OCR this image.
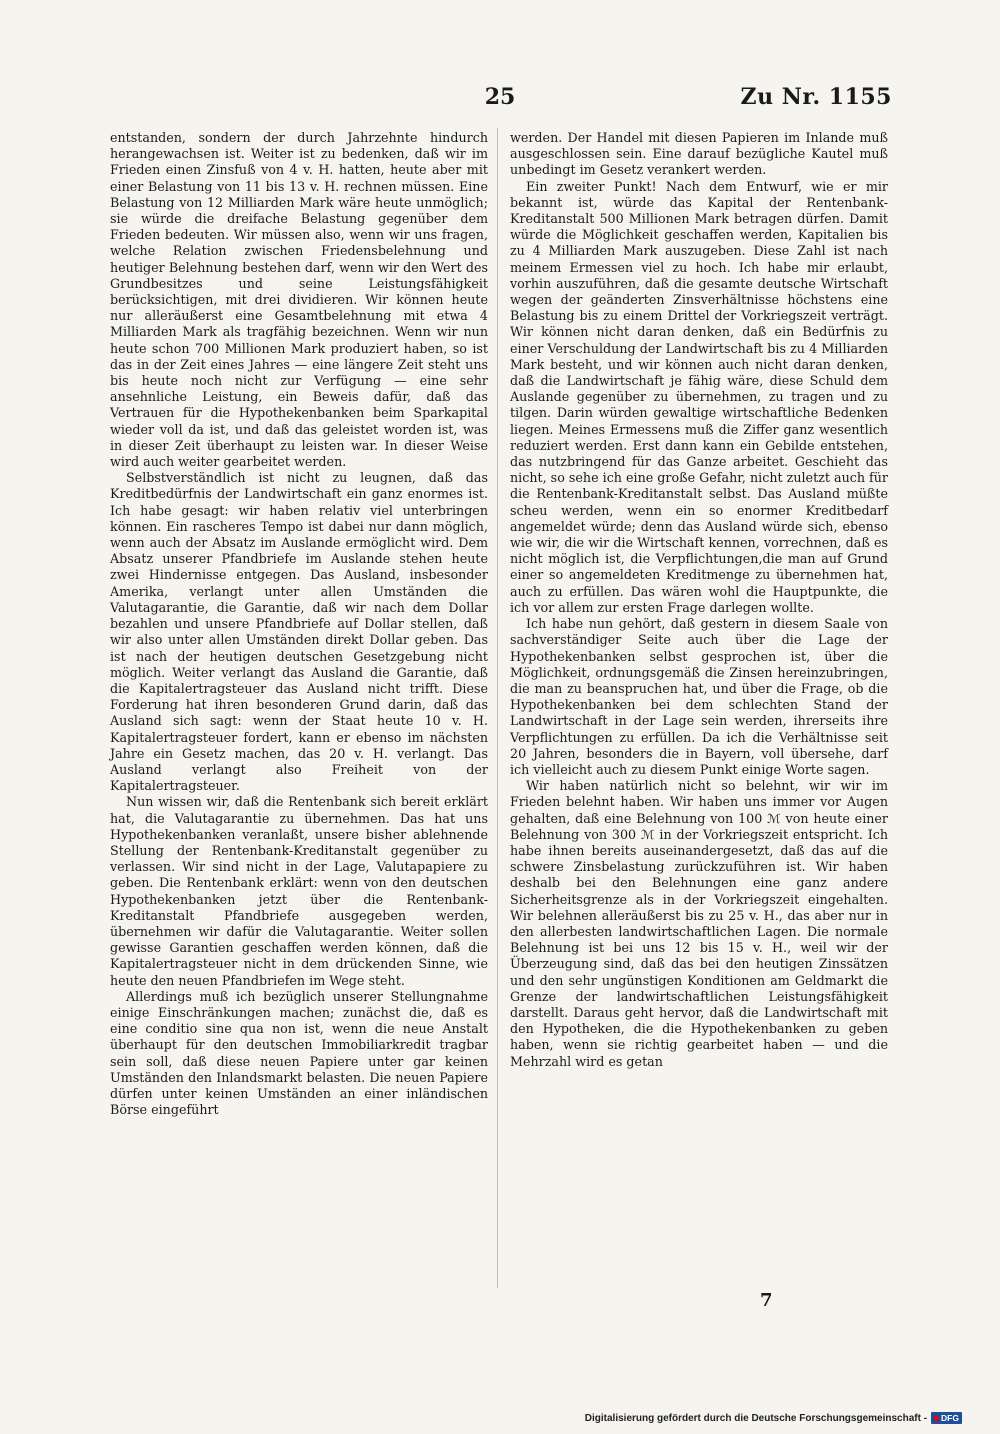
25	Zu Nr. 1155

entstanden, sondern der durch Jahrzehnte hindurch herangewachsen ist. Weiter ist zu bedenken, daß wir im Frieden einen Zinsfuß von 4 v. H. hatten, heute aber mit einer Belastung von 11 bis 13 v. H. rechnen müssen. Eine Belastung von 12 Milliarden Mark wäre heute unmöglich; sie würde die dreifache Belastung gegenüber dem Frieden bedeuten. Wir müssen also, wenn wir uns fragen, welche Relation zwischen Friedensbelehnung und heutiger Belehnung bestehen darf, wenn wir den Wert des Grundbesitzes und seine Leistungsfähigkeit berücksichtigen, mit drei dividieren. Wir können heute nur alleräußerst eine Gesamtbelehnung mit etwa 4 Milliarden Mark als tragfähig bezeichnen. Wenn wir nun heute schon 700 Millionen Mark produziert haben, so ist das in der Zeit eines Jahres — eine längere Zeit steht uns bis heute noch nicht zur Verfügung — eine sehr ansehnliche Leistung, ein Beweis dafür, daß das Vertrauen für die Hypothekenbanken beim Sparkapital wieder voll da ist, und daß das geleistet worden ist, was in dieser Zeit überhaupt zu leisten war. In dieser Weise wird auch weiter gearbeitet werden.

Selbstverständlich ist nicht zu leugnen, daß das Kreditbedürfnis der Landwirtschaft ein ganz enormes ist. Ich habe gesagt: wir haben relativ viel unterbringen können. Ein rascheres Tempo ist dabei nur dann möglich, wenn auch der Absatz im Auslande ermöglicht wird. Dem Absatz unserer Pfandbriefe im Auslande stehen heute zwei Hindernisse entgegen. Das Ausland, insbesonder Amerika, verlangt unter allen Umständen die Valutagarantie, die Garantie, daß wir nach dem Dollar bezahlen und unsere Pfandbriefe auf Dollar stellen, daß wir also unter allen Umständen direkt Dollar geben. Das ist nach der heutigen deutschen Gesetzgebung nicht möglich. Weiter verlangt das Ausland die Garantie, daß die Kapitalertragsteuer das Ausland nicht trifft. Diese Forderung hat ihren besonderen Grund darin, daß das Ausland sich sagt: wenn der Staat heute 10 v. H. Kapitalertragsteuer fordert, kann er ebenso im nächsten Jahre ein Gesetz machen, das 20 v. H. verlangt. Das Ausland verlangt also Freiheit von der Kapitalertragsteuer.

Nun wissen wir, daß die Rentenbank sich bereit erklärt hat, die Valutagarantie zu übernehmen. Das hat uns Hypothekenbanken veranlaßt, unsere bisher ablehnende Stellung der Rentenbank-Kreditanstalt gegenüber zu verlassen. Wir sind nicht in der Lage, Valutapapiere zu geben. Die Rentenbank erklärt: wenn von den deutschen Hypothekenbanken jetzt über die Rentenbank-Kreditanstalt Pfandbriefe ausgegeben werden, übernehmen wir dafür die Valutagarantie. Weiter sollen gewisse Garantien geschaffen werden können, daß die Kapitalertragsteuer nicht in dem drückenden Sinne, wie heute den neuen Pfandbriefen im Wege steht.

Allerdings muß ich bezüglich unserer Stellungnahme einige Einschränkungen machen; zunächst die, daß es eine conditio sine qua non ist, wenn die neue Anstalt überhaupt für den deutschen Immobiliarkredit tragbar sein soll, daß diese neuen Papiere unter gar keinen Umständen den Inlandsmarkt belasten. Die neuen Papiere dürfen unter keinen Umständen an einer inländischen Börse eingeführt

werden. Der Handel mit diesen Papieren im Inlande muß ausgeschlossen sein. Eine darauf bezügliche Kautel muß unbedingt im Gesetz verankert werden.

Ein zweiter Punkt! Nach dem Entwurf, wie er mir bekannt ist, würde das Kapital der Rentenbank-Kreditanstalt 500 Millionen Mark betragen dürfen. Damit würde die Möglichkeit geschaffen werden, Kapitalien bis zu 4 Milliarden Mark auszugeben. Diese Zahl ist nach meinem Ermessen viel zu hoch. Ich habe mir erlaubt, vorhin auszuführen, daß die gesamte deutsche Wirtschaft wegen der geänderten Zinsverhältnisse höchstens eine Belastung bis zu einem Drittel der Vorkriegszeit verträgt. Wir können nicht daran denken, daß ein Bedürfnis zu einer Verschuldung der Landwirtschaft bis zu 4 Milliarden Mark besteht, und wir können auch nicht daran denken, daß die Landwirtschaft je fähig wäre, diese Schuld dem Auslande gegenüber zu übernehmen, zu tragen und zu tilgen. Darin würden gewaltige wirtschaftliche Bedenken liegen. Meines Ermessens muß die Ziffer ganz wesentlich reduziert werden. Erst dann kann ein Gebilde entstehen, das nutzbringend für das Ganze arbeitet. Geschieht das nicht, so sehe ich eine große Gefahr, nicht zuletzt auch für die Rentenbank-Kreditanstalt selbst. Das Ausland müßte scheu werden, wenn ein so enormer Kreditbedarf angemeldet würde; denn das Ausland würde sich, ebenso wie wir, die wir die Wirtschaft kennen, vorrechnen, daß es nicht möglich ist, die Verpflichtungen,die man auf Grund einer so angemeldeten Kreditmenge zu übernehmen hat, auch zu erfüllen. Das wären wohl die Hauptpunkte, die ich vor allem zur ersten Frage darlegen wollte.

Ich habe nun gehört, daß gestern in diesem Saale von sachverständiger Seite auch über die Lage der Hypothekenbanken selbst gesprochen ist, über die Möglichkeit, ordnungsgemäß die Zinsen hereinzubringen, die man zu beanspruchen hat, und über die Frage, ob die Hypothekenbanken bei dem schlechten Stand der Landwirtschaft in der Lage sein werden, ihrerseits ihre Verpflichtungen zu erfüllen. Da ich die Verhältnisse seit 20 Jahren, besonders die in Bayern, voll übersehe, darf ich vielleicht auch zu diesem Punkt einige Worte sagen.

Wir haben natürlich nicht so belehnt, wir wir im Frieden belehnt haben. Wir haben uns immer vor Augen gehalten, daß eine Belehnung von 100 ℳ von heute einer Belehnung von 300 ℳ in der Vorkriegszeit entspricht. Ich habe ihnen bereits auseinandergesetzt, daß das auf die schwere Zinsbelastung zurückzuführen ist. Wir haben deshalb bei den Belehnungen eine ganz andere Sicherheitsgrenze als in der Vorkriegszeit eingehalten. Wir belehnen alleräußerst bis zu 25 v. H., das aber nur in den allerbesten landwirtschaftlichen Lagen. Die normale Belehnung ist bei uns 12 bis 15 v. H., weil wir der Überzeugung sind, daß das bei den heutigen Zinssätzen und den sehr ungünstigen Konditionen am Geldmarkt die Grenze der landwirtschaftlichen Leistungsfähigkeit darstellt. Daraus geht hervor, daß die Landwirtschaft mit den Hypotheken, die die Hypothekenbanken zu geben haben, wenn sie richtig gearbeitet haben — und die Mehrzahl wird es getan

7
Digitalisierung gefördert durch die Deutsche Forschungsgemeinschaft - DFG
